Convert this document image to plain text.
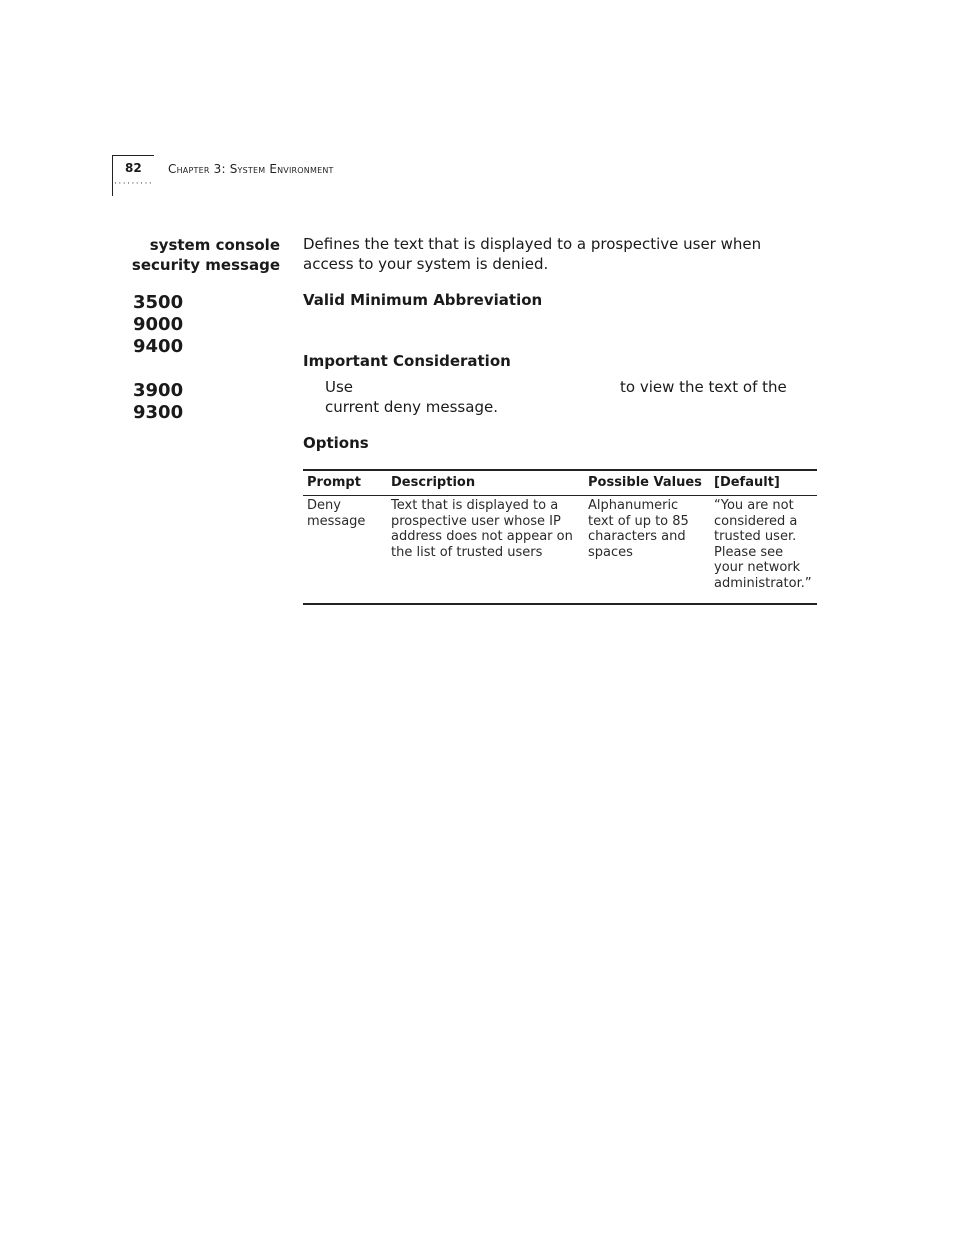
82
·········
Chapter 3: System Environment
system console
security message
3500
9000
9400
3900
9300
Defines the text that is displayed to a prospective user when access to your system is denied.
Valid Minimum Abbreviation
Important Consideration
Use	to view the text of the
current deny message.
Options
Prompt	Description	Possible Values	[Default]
Deny message	Text that is displayed to a prospective user whose IP address does not appear on the list of trusted users	Alphanumeric text of up to 85 characters and spaces	“You are not considered a trusted user. Please see your network administrator.”
